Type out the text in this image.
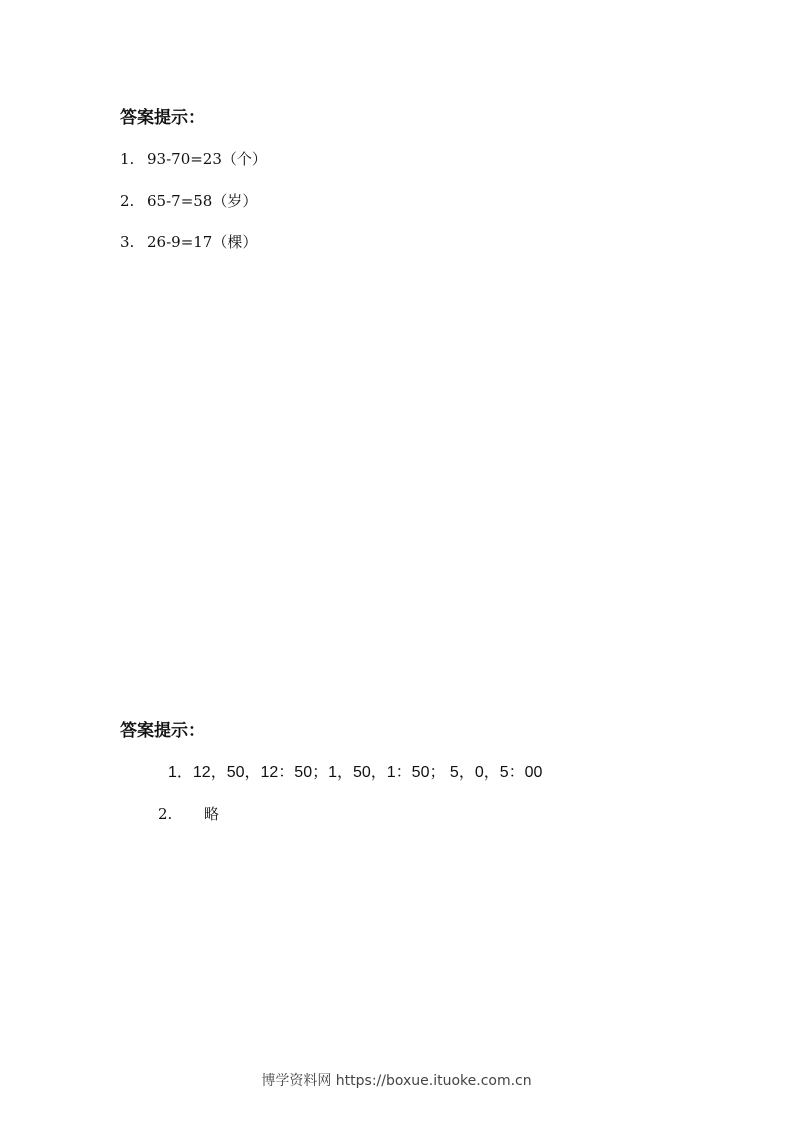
答案提示：
1. 93-70=23（个）
2. 65-7=58（岁）
3. 26-9=17（棵）
答案提示：
1．12，50，12：50；1，50，1：50； 5，0，5：00
2. 略
博学资料网 https://boxue.ituoke.com.cn
